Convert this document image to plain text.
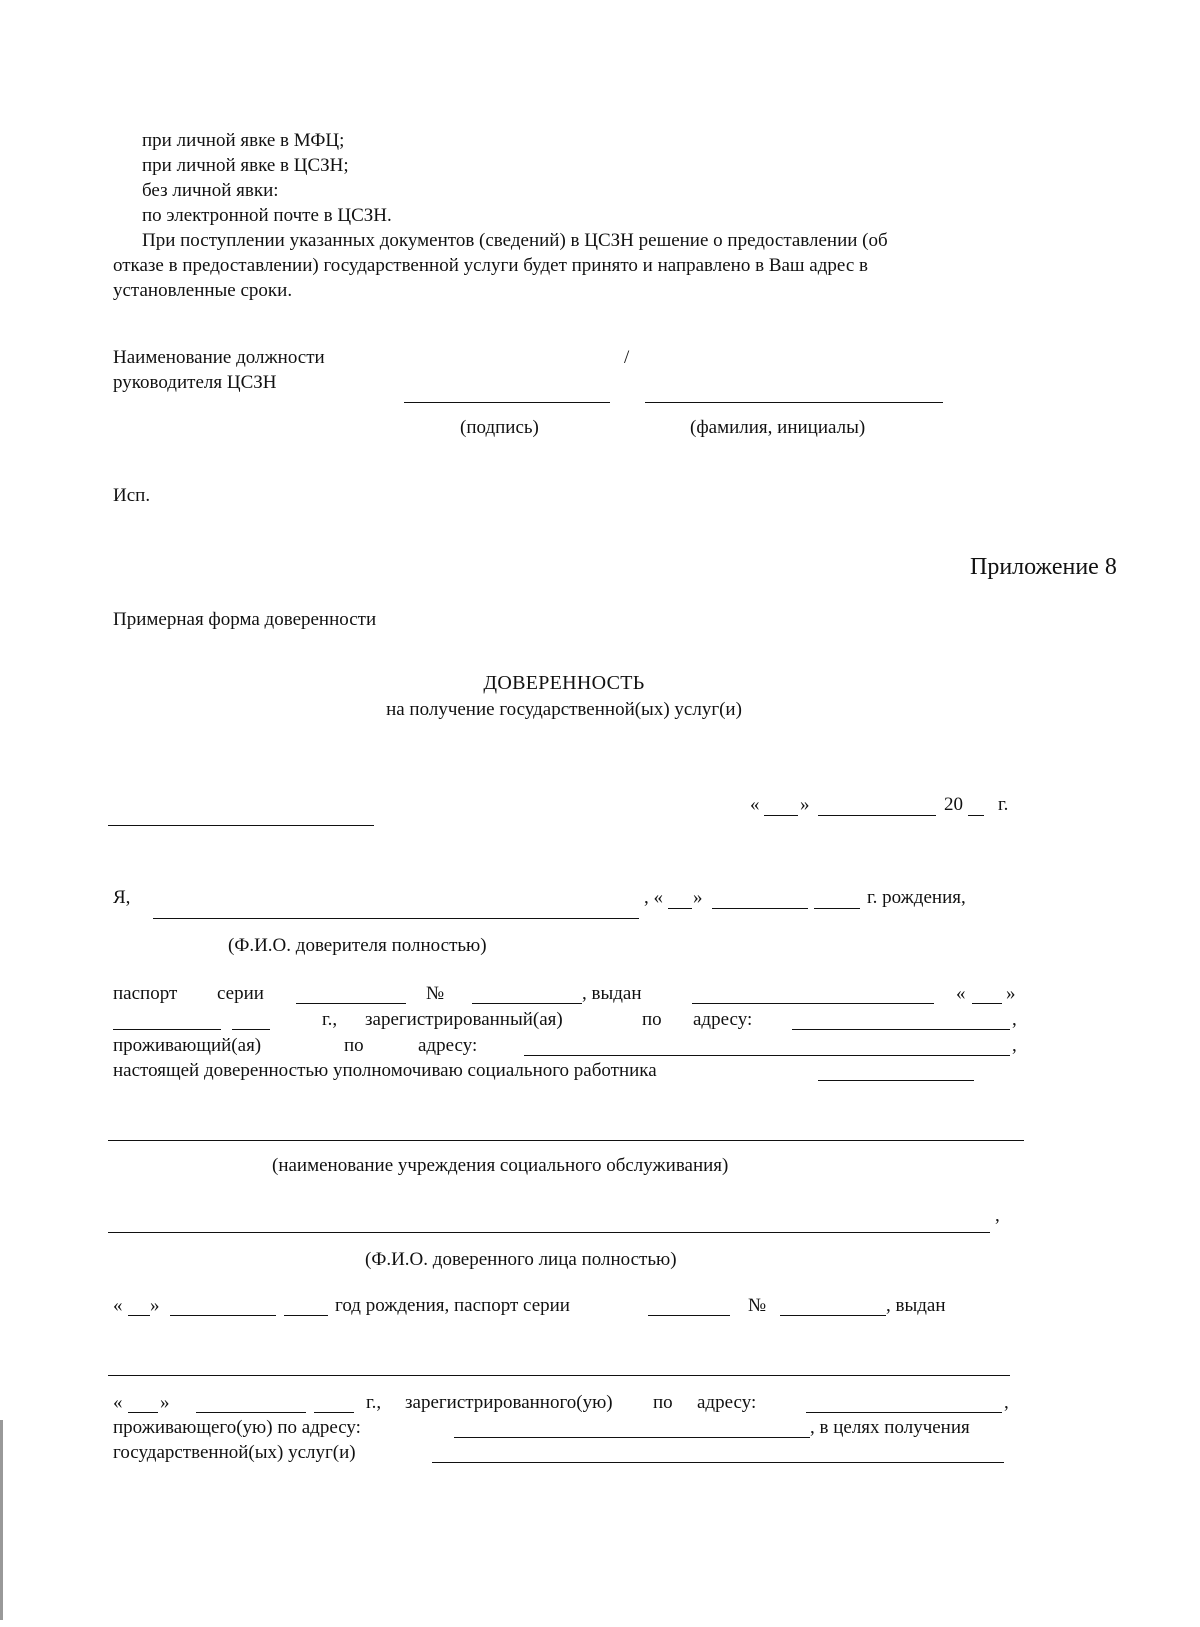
при личной явке в МФЦ;
при личной явке в ЦСЗН;
без личной явки:
по электронной почте в ЦСЗН.
При поступлении указанных документов (сведений) в ЦСЗН решение о предоставлении (об
отказе в предоставлении) государственной услуги будет принято и направлено в Ваш адрес в
установленные сроки.
Наименование должности
руководителя ЦСЗН
/
(подпись)	(фамилия, инициалы)
Исп.
Приложение 8
Примерная форма доверенности
ДОВЕРЕННОСТЬ
на получение государственной(ых) услуг(и)
« »	20 г.
Я,	, « »	г. рождения,
(Ф.И.О. доверителя полностью)
паспорт серии	№	, выдан	« »
г., зарегистрированный(ая)	по адресу:	,
проживающий(ая)	по	адресу:	,
настоящей доверенностью уполномочиваю социального работника
(наименование учреждения социального обслуживания)
,
(Ф.И.О. доверенного лица полностью)
« »	год рождения, паспорт серии	№	, выдан
« »	г., зарегистрированного(ую) по адресу:	,
проживающего(ую) по адресу:	, в целях получения
государственной(ых) услуг(и)
